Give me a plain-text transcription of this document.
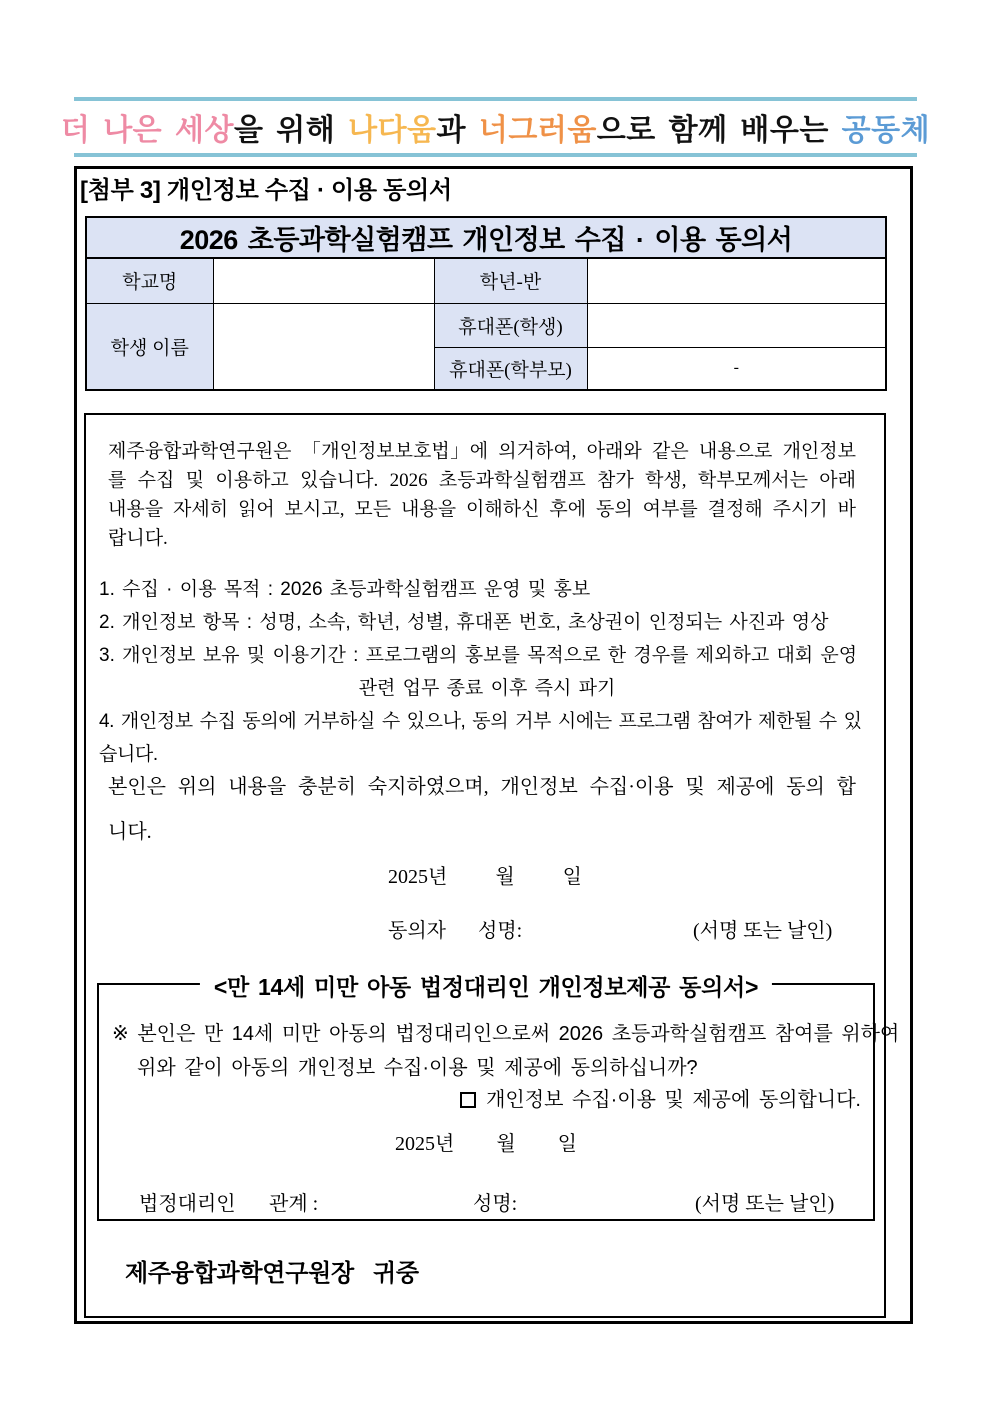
더 나은 세상 을 위해 나다움 과 너그러움 으로 함께 배우는 공동체
[첨부 3] 개인정보 수집 · 이용 동의서
2026 초등과학실험캠프 개인정보 수집 · 이용 동의서			
학교명		학년-반	
학생 이름		휴대폰(학생)	
		휴대폰(학부모)	-

제주융합과학연구원은 「개인정보보호법」에 의거하여, 아래와 같은 내용으로 개인정보를 수집 및 이용하고 있습니다. 2026 초등과학실험캠프 참가 학생, 학부모께서는 아래 내용을 자세히 읽어 보시고, 모든 내용을 이해하신 후에 동의 여부를 결정해 주시기 바랍니다.

1. 수집 · 이용 목적 : 2026 초등과학실험캠프 운영 및 홍보
2. 개인정보 항목 : 성명, 소속, 학년, 성별, 휴대폰 번호, 초상권이 인정되는 사진과 영상
3. 개인정보 보유 및 이용기간 : 프로그램의 홍보를 목적으로 한 경우를 제외하고 대회 운영
관련 업무 종료 이후 즉시 파기
4. 개인정보 수집 동의에 거부하실 수 있으나, 동의 거부 시에는 프로그램 참여가 제한될 수 있습니다.

본인은 위의 내용을 충분히 숙지하였으며, 개인정보 수집·이용 및 제공에 동의 합니다.

2025년 월 일
동의자 성명:	(서명 또는 날인)
<만 14세 미만 아동 법정대리인 개인정보제공 동의서>
※ 본인은 만 14세 미만 아동의 법정대리인으로써 2026 초등과학실험캠프 참여를 위하여
위와 같이 아동의 개인정보 수집·이용 및 제공에 동의하십니까?
개인정보 수집·이용 및 제공에 동의합니다.
2025년 월 일
법정대리인 관계 :	성명:	(서명 또는 날인)
제주융합과학연구원장   귀중
